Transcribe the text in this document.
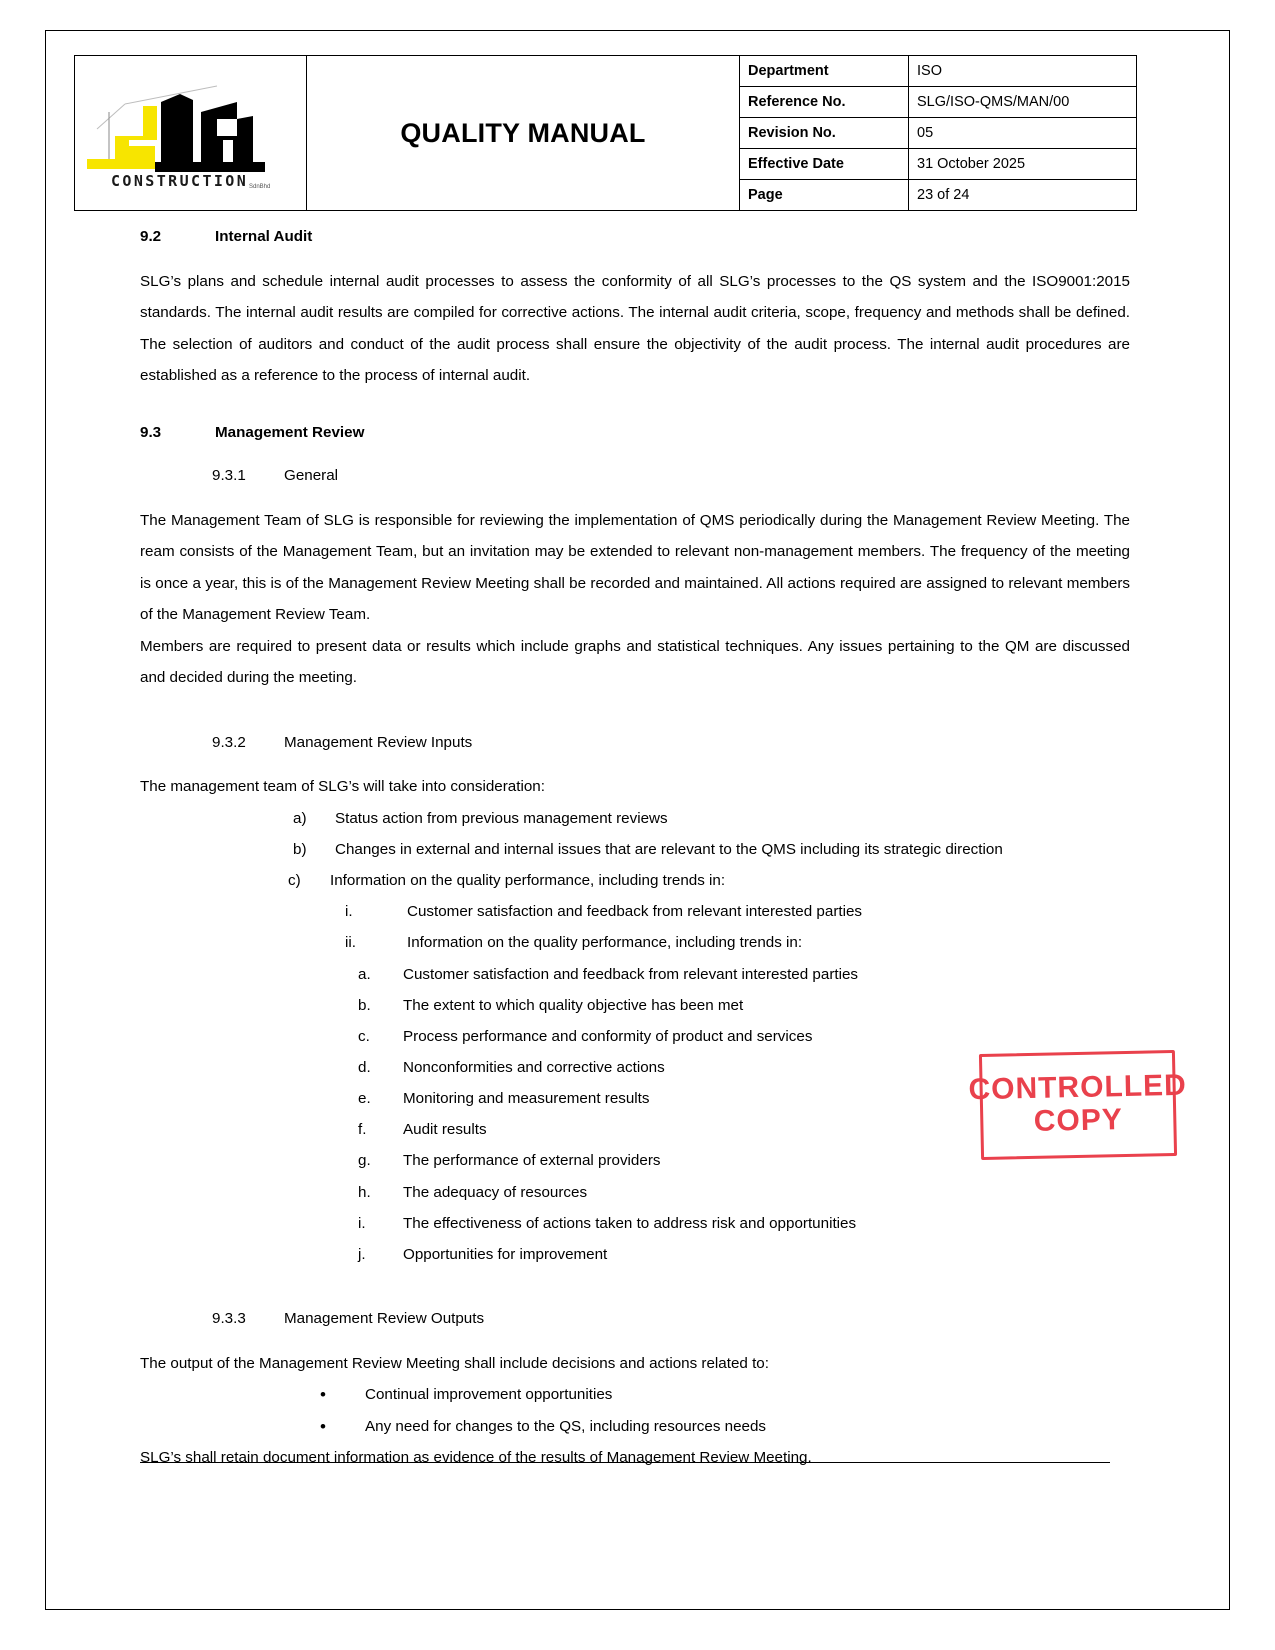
CONSTRUCTION SdnBhd
QUALITY MANUAL
Department	ISO
Reference No.	SLG/ISO-QMS/MAN/00
Revision No.	05
Effective Date	31 October 2025
Page	23 of 24
9.2	Internal Audit

SLG’s plans and schedule internal audit processes to assess the conformity of all SLG’s processes to the QS system and the ISO9001:2015 standards. The internal audit results are compiled for corrective actions. The internal audit criteria, scope, frequency and methods shall be defined. The selection of auditors and conduct of the audit process shall ensure the objectivity of the audit process. The internal audit procedures are established as a reference to the process of internal audit.

9.3	Management Review
9.3.1	General

The Management Team of SLG is responsible for reviewing the implementation of QMS periodically during the Management Review Meeting. The ream consists of the Management Team, but an invitation may be extended to relevant non-management members. The frequency of the meeting is once a year, this is of the Management Review Meeting shall be recorded and maintained. All actions required are assigned to relevant members of the Management Review Team.

Members are required to present data or results which include graphs and statistical techniques. Any issues pertaining to the QM are discussed and decided during the meeting.

9.3.2	Management Review Inputs

The management team of SLG’s will take into consideration:

a)	Status action from previous management reviews
b)	Changes in external and internal issues that are relevant to the QMS including its strategic direction
c)	Information on the quality performance, including trends in:
i.	Customer satisfaction and feedback from relevant interested parties
ii.	Information on the quality performance, including trends in:
a.	Customer satisfaction and feedback from relevant interested parties
b.	The extent to which quality objective has been met
c.	Process performance and conformity of product and services
d.	Nonconformities and corrective actions
e.	Monitoring and measurement results
f.	Audit results
g.	The performance of external providers
h.	The adequacy of resources
i.	The effectiveness of actions taken to address risk and opportunities
j.	Opportunities for improvement
9.3.3	Management Review Outputs

The output of the Management Review Meeting shall include decisions and actions related to:

•	Continual improvement opportunities
•	Any need for changes to the QS, including resources needs

SLG’s shall retain document information as evidence of the results of Management Review Meeting.

CONTROLLED
COPY
